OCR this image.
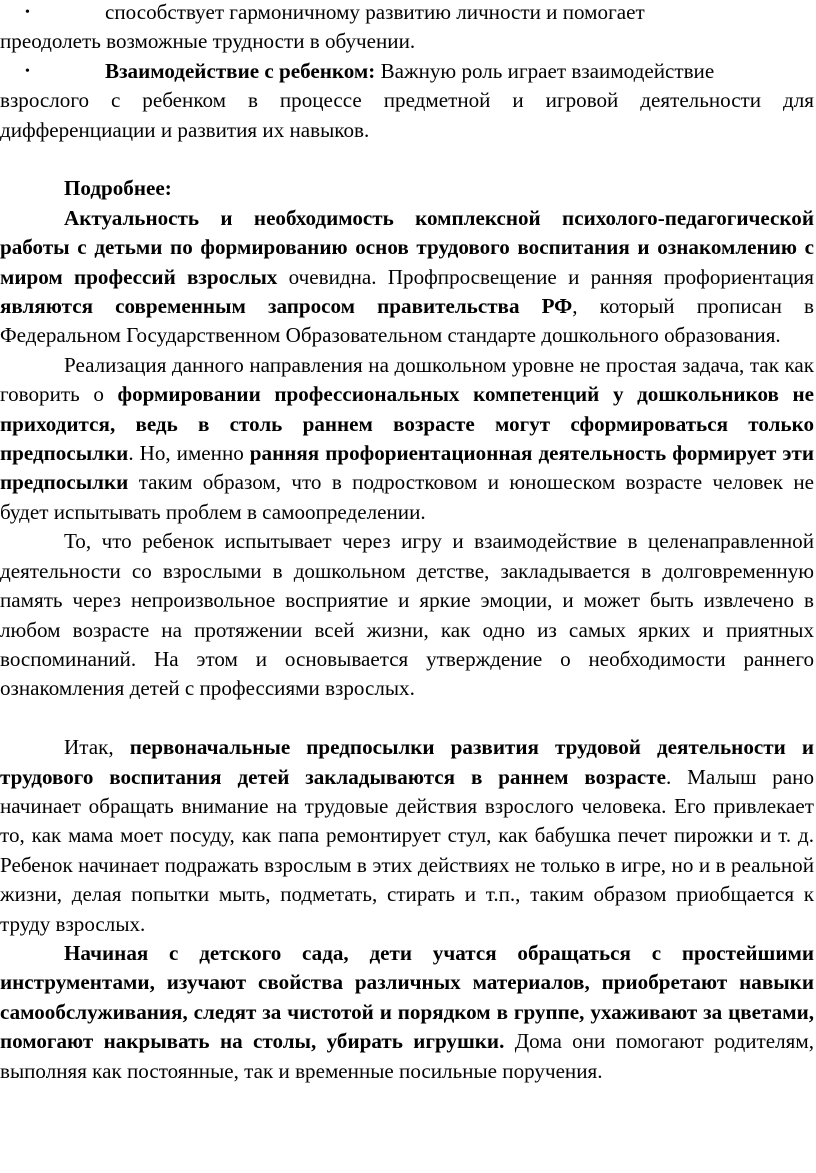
•способствует гармоничному развитию личности и помогает

преодолеть возможные трудности в обучении.

•Взаимодействие с ребенком: Важную роль играет взаимодействие

взрослого с ребенком в процессе предметной и игровой деятельности для дифференциации и развития их навыков.

Подробнее:

Актуальность и необходимость комплексной психолого-педагогической работы с детьми по формированию основ трудового воспитания и ознакомлению с миром профессий взрослых очевидна. Профпросвещение и ранняя профориентация являются современным запросом правительства РФ, который прописан в Федеральном Государственном Образовательном стандарте дошкольного образования.

Реализация данного направления на дошкольном уровне не простая задача, так как говорить о формировании профессиональных компетенций у дошкольников не приходится, ведь в столь раннем возрасте могут сформироваться только предпосылки. Но, именно ранняя профориентационная деятельность формирует эти предпосылки таким образом, что в подростковом и юношеском возрасте человек не будет испытывать проблем в самоопределении.

То, что ребенок испытывает через игру и взаимодействие в целенаправленной деятельности со взрослыми в дошкольном детстве, закладывается в долговременную память через непроизвольное восприятие и яркие эмоции, и может быть извлечено в любом возрасте на протяжении всей жизни, как одно из самых ярких и приятных воспоминаний. На этом и основывается утверждение о необходимости раннего ознакомления детей с профессиями взрослых.

Итак, первоначальные предпосылки развития трудовой деятельности и трудового воспитания детей закладываются в раннем возрасте. Малыш рано начинает обращать внимание на трудовые действия взрослого человека. Его привлекает то, как мама моет посуду, как папа ремонтирует стул, как бабушка печет пирожки и т. д. Ребенок начинает подражать взрослым в этих действиях не только в игре, но и в реальной жизни, делая попытки мыть, подметать, стирать и т.п., таким образом приобщается к труду взрослых.

Начиная с детского сада, дети учатся обращаться с простейшими инструментами, изучают свойства различных материалов, приобретают навыки самообслуживания, следят за чистотой и порядком в группе, ухаживают за цветами, помогают накрывать на столы, убирать игрушки. Дома они помогают родителям, выполняя как постоянные, так и временные посильные поручения.
